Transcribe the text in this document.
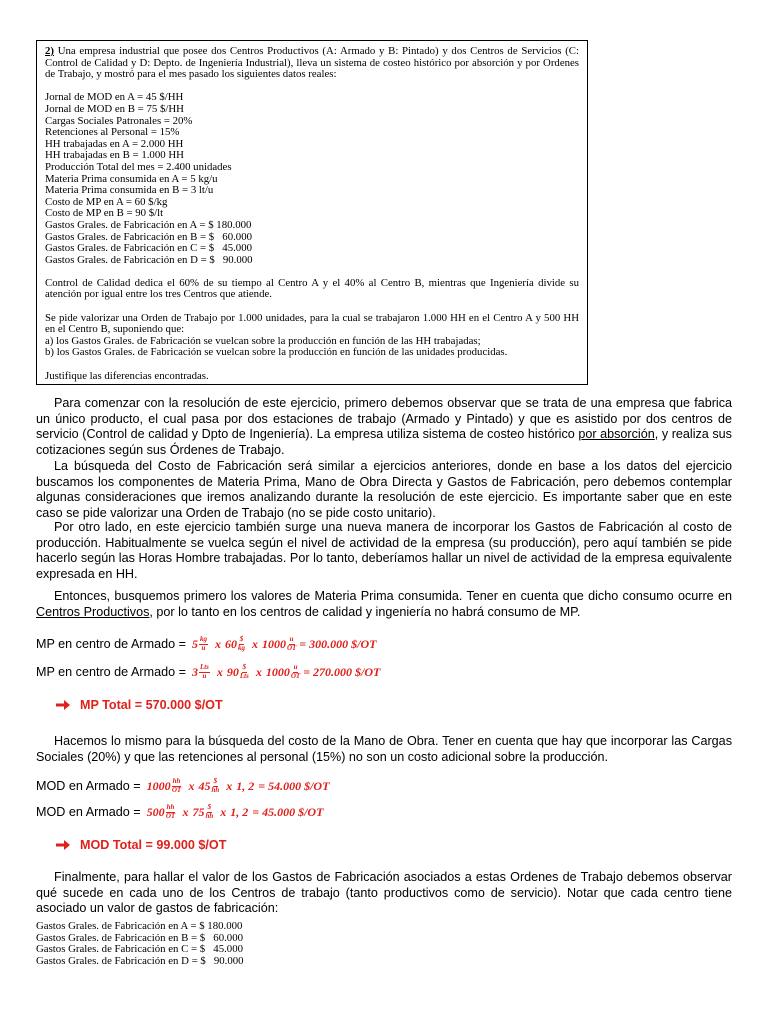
2) Una empresa industrial que posee dos Centros Productivos (A: Armado y B: Pintado) y dos Centros de Servicios (C: Control de Calidad y D: Depto. de Ingeniería Industrial), lleva un sistema de costeo histórico por absorción y por Ordenes de Trabajo, y mostró para el mes pasado los siguientes datos reales:

Jornal de MOD en A = 45 $/HH

Jornal de MOD en B = 75 $/HH

Cargas Sociales Patronales = 20%

Retenciones al Personal = 15%

HH trabajadas en A = 2.000 HH

HH trabajadas en B = 1.000 HH

Producción Total del mes = 2.400 unidades

Materia Prima consumida en A = 5 kg/u

Materia Prima consumida en B = 3 lt/u

Costo de MP en A = 60 $/kg

Costo de MP en B = 90 $/lt

Gastos Grales. de Fabricación en A = $ 180.000

Gastos Grales. de Fabricación en B = $   60.000

Gastos Grales. de Fabricación en C = $   45.000

Gastos Grales. de Fabricación en D = $   90.000

Control de Calidad dedica el 60% de su tiempo al Centro A y el 40% al Centro B, mientras que Ingeniería divide su atención por igual entre los tres Centros que atiende.

Se pide valorizar una Orden de Trabajo por 1.000 unidades, para la cual se trabajaron 1.000 HH en el Centro A y 500 HH en el Centro B, suponiendo que:

a) los Gastos Grales. de Fabricación se vuelcan sobre la producción en función de las HH trabajadas;

b) los Gastos Grales. de Fabricación se vuelcan sobre la producción en función de las unidades producidas.

Justifique las diferencias encontradas.

Para comenzar con la resolución de este ejercicio, primero debemos observar que se trata de una empresa que fabrica un único producto, el cual pasa por dos estaciones de trabajo (Armado y Pintado) y que es asistido por dos centros de servicio (Control de calidad y Dpto de Ingeniería). La empresa utiliza sistema de costeo histórico por absorción, y realiza sus cotizaciones según sus Órdenes de Trabajo.

La búsqueda del Costo de Fabricación será similar a ejercicios anteriores, donde en base a los datos del ejercicio buscamos los componentes de Materia Prima, Mano de Obra Directa y Gastos de Fabricación, pero debemos contemplar algunas consideraciones que iremos analizando durante la resolución de este ejercicio. Es importante saber que en este caso se pide valorizar una Orden de Trabajo (no se pide costo unitario).

Por otro lado, en este ejercicio también surge una nueva manera de incorporar los Gastos de Fabricación al costo de producción. Habitualmente se vuelca según el nivel de actividad de la empresa (su producción), pero aquí también se pide hacerlo según las Horas Hombre trabajadas. Por lo tanto, deberíamos hallar un nivel de actividad de la empresa equivalente expresada en HH.

Entonces, busquemos primero los valores de Materia Prima consumida. Tener en cuenta que dicho consumo ocurre en Centros Productivos, por lo tanto en los centros de calidad y ingeniería no habrá consumo de MP.

MP en centro de Armado = $5 \frac{kg}{u}$ x $60 \frac{\$}{kg}$ x $1000 \frac{u}{OT} = 300.000$ $/OT
MP en centro de Armado = $3 \frac{\text{Lts}}{u}$ x $90 \frac{\$}{\text{Lts}}$ x $1000 \frac{u}{OT} = 270.000$ $/OT
MP Total = 570.000 $/OT

Hacemos lo mismo para la búsqueda del costo de la Mano de Obra. Tener en cuenta que hay que incorporar las Cargas Sociales (20%) y que las retenciones al personal (15%) no son un costo adicional sobre la producción.

MOD en Armado = $1000 \frac{hh}{OT}$ x $45 \frac{\$}{hh}$ x 1, 2 = 54.000 $/OT
MOD en Armado = $500 \frac{hh}{OT}$ x $75 \frac{\$}{hh}$ x 1, 2 = 45.000 $/OT
MOD Total = 99.000 $/OT

Finalmente, para hallar el valor de los Gastos de Fabricación asociados a estas Ordenes de Trabajo debemos observar qué sucede en cada uno de los Centros de trabajo (tanto productivos como de servicio). Notar que cada centro tiene asociado un valor de gastos de fabricación:

Gastos Grales. de Fabricación en A = $ 180.000
Gastos Grales. de Fabricación en B = $   60.000
Gastos Grales. de Fabricación en C = $   45.000
Gastos Grales. de Fabricación en D = $   90.000
